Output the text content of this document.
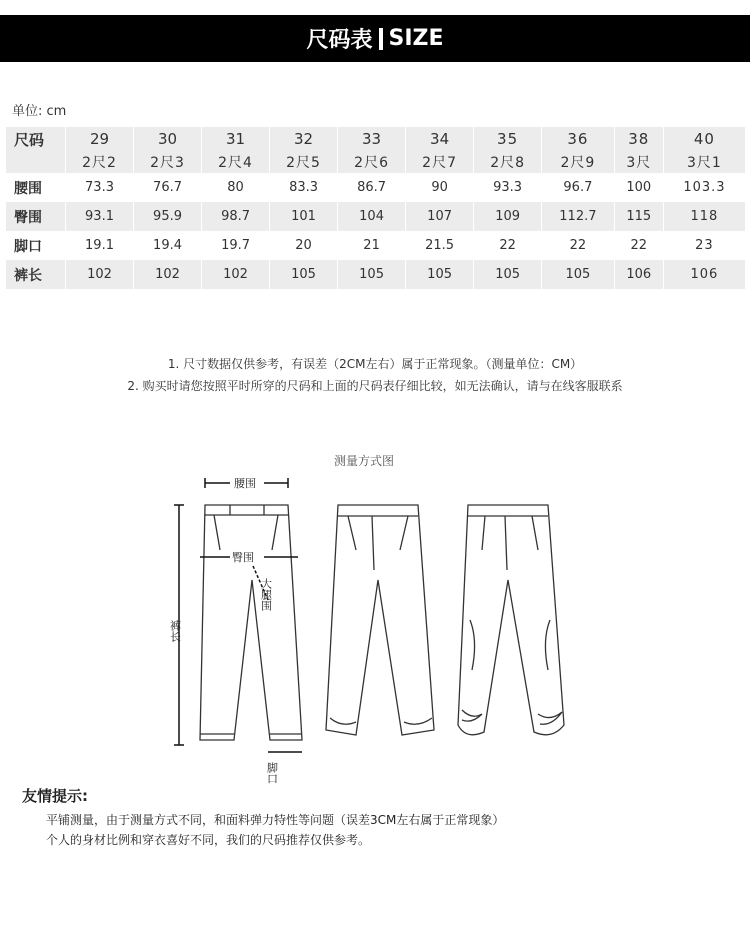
尺码表 SIZE
单位: cm
尺码	29	30	31	32	33	34	35	36	38	40
	2尺2	2尺3	2尺4	2尺5	2尺6	2尺7	2尺8	2尺9	3尺	3尺1
腰围	73.3	76.7	80	83.3	86.7	90	93.3	96.7	100	103.3
臀围	93.1	95.9	98.7	101	104	107	109	112.7	115	118
脚口	19.1	19.4	19.7	20	21	21.5	22	22	22	23
裤长	102	102	102	105	105	105	105	105	106	106
1. 尺寸数据仅供参考，有误差（2CM左右）属于正常现象。（测量单位：CM）
2. 购买时请您按照平时所穿的尺码和上面的尺码表仔细比较，如无法确认，请与在线客服联系
测量方式图
腰围
臀围
大腿围
裤长
脚口
友情提示:
平铺测量，由于测量方式不同，和面料弹力特性等问题（误差3CM左右属于正常现象）
个人的身材比例和穿衣喜好不同，我们的尺码推荐仅供参考。
